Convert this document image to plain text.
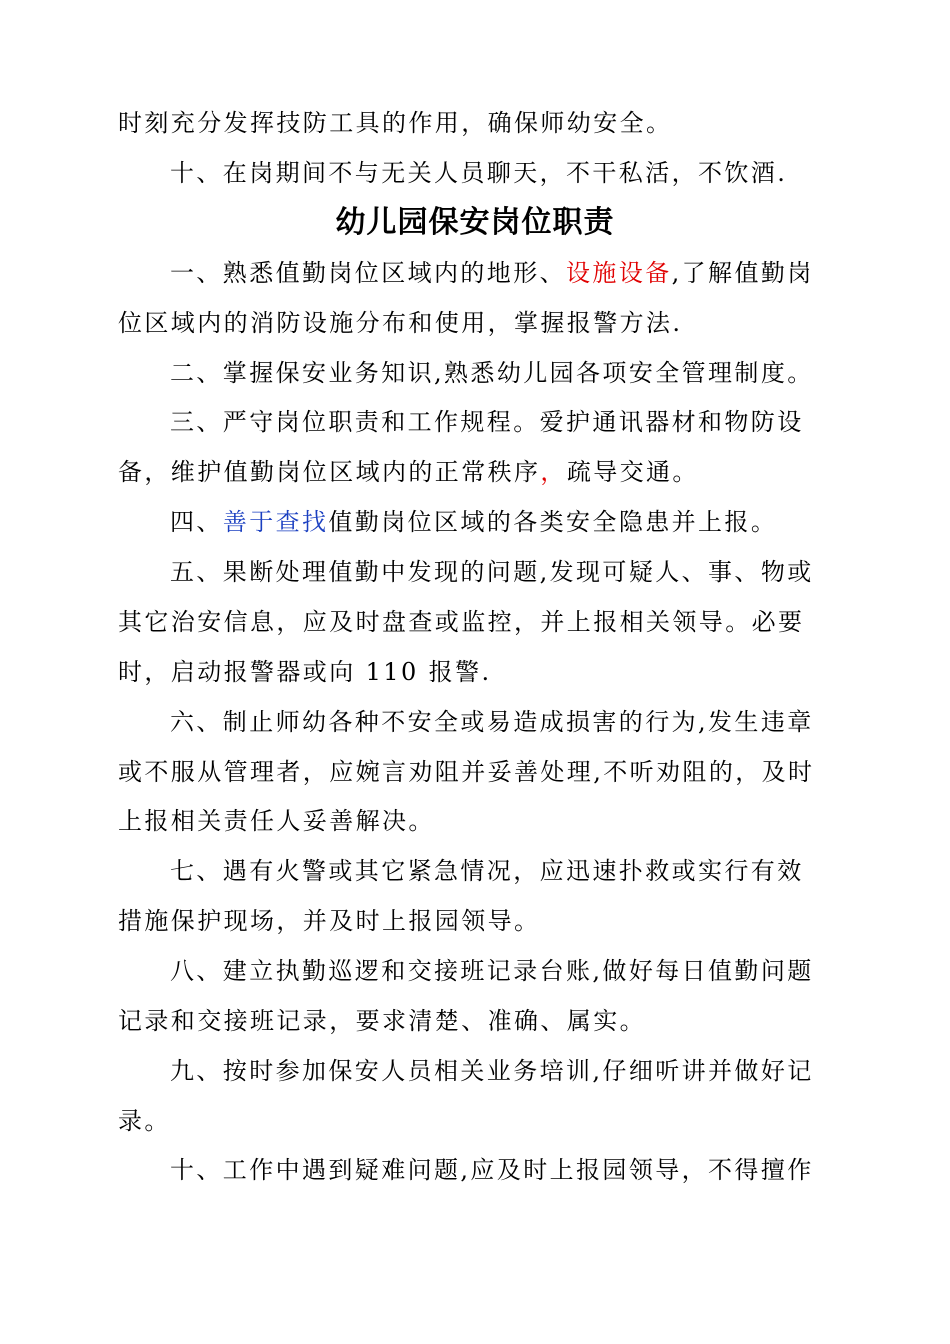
时刻充分发挥技防工具的作用，确保师幼安全。
十、在岗期间不与无关人员聊天，不干私活，不饮酒.
幼儿园保安岗位职责
一、熟悉值勤岗位区域内的地形、设施设备,了解值勤岗
位区域内的消防设施分布和使用，掌握报警方法.
二、掌握保安业务知识,熟悉幼儿园各项安全管理制度。
三、严守岗位职责和工作规程。爱护通讯器材和物防设
备，维护值勤岗位区域内的正常秩序，疏导交通。
四、善于查找值勤岗位区域的各类安全隐患并上报。
五、果断处理值勤中发现的问题,发现可疑人、事、物或
其它治安信息，应及时盘查或监控，并上报相关领导。必要
时，启动报警器或向 110 报警.
六、制止师幼各种不安全或易造成损害的行为,发生违章
或不服从管理者，应婉言劝阻并妥善处理,不听劝阻的，及时
上报相关责任人妥善解决。
七、遇有火警或其它紧急情况，应迅速扑救或实行有效
措施保护现场，并及时上报园领导。
八、建立执勤巡逻和交接班记录台账,做好每日值勤问题
记录和交接班记录，要求清楚、准确、属实。
九、按时参加保安人员相关业务培训,仔细听讲并做好记
录。
十、工作中遇到疑难问题,应及时上报园领导，不得擅作
